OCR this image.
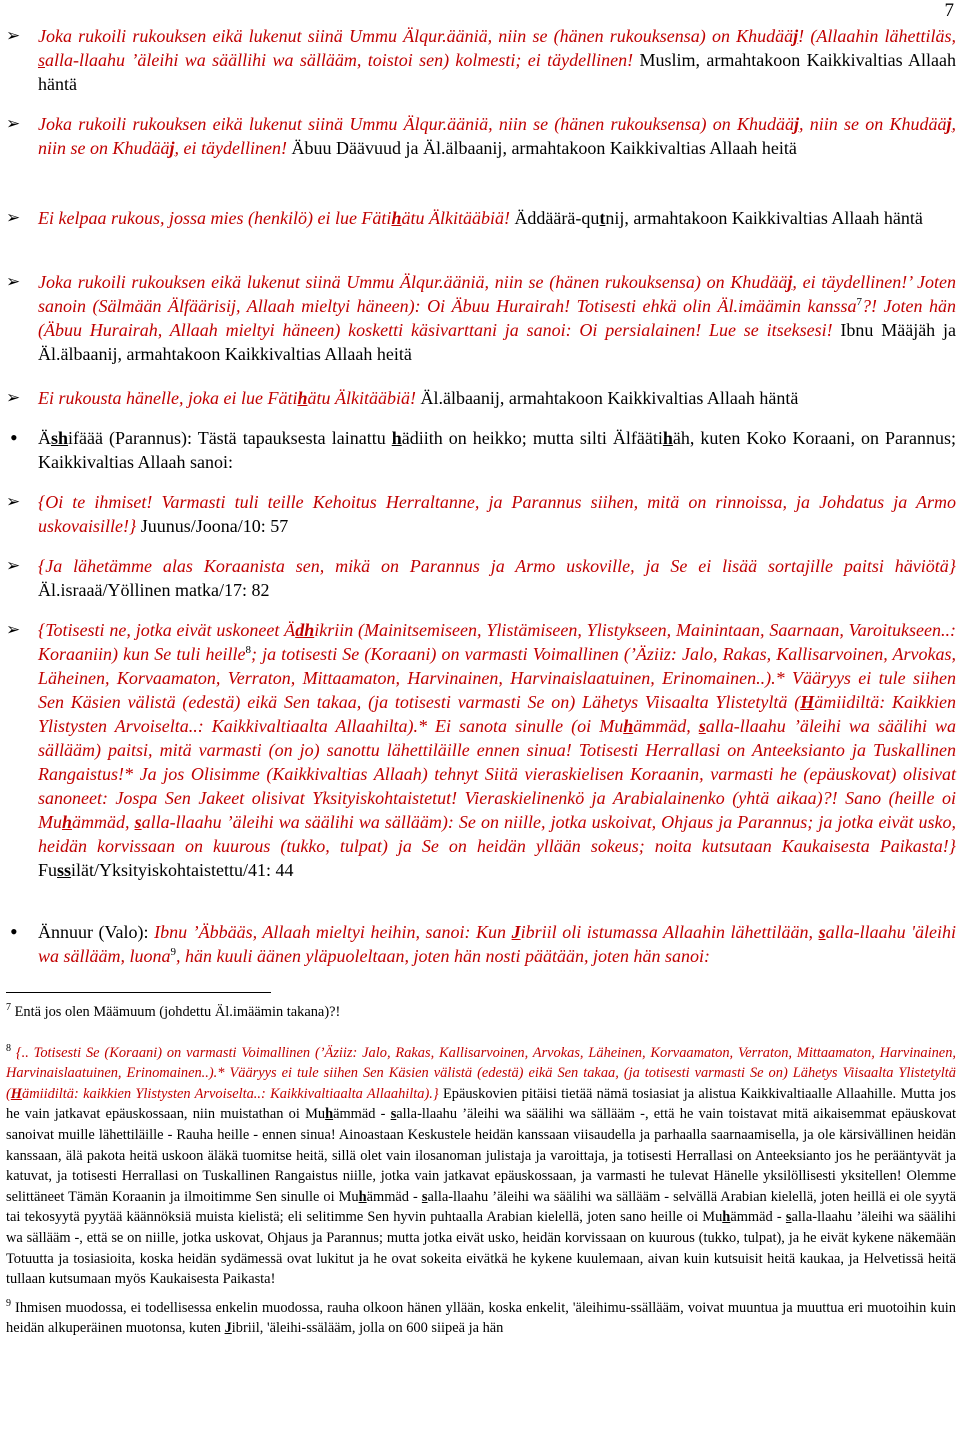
7
➢ Joka rukoili rukouksen eikä lukenut siinä Ummu Älqur.ääniä, niin se (hänen rukouksensa) on Khudääj! (Allaahin lähettiläs, salla-llaahu ’äleihi wa säällihi wa sällääm, toistoi sen) kolmesti; ei täydellinen! Muslim, armahtakoon Kaikkivaltias Allaah häntä
➢ Joka rukoili rukouksen eikä lukenut siinä Ummu Älqur.ääniä, niin se (hänen rukouksensa) on Khudääj, niin se on Khudääj, niin se on Khudääj, ei täydellinen! Äbuu Däävuud ja Äl.älbaanij, armahtakoon Kaikkivaltias Allaah heitä
➢ Ei kelpaa rukous, jossa mies (henkilö) ei lue Fätihätu Älkitääbiä! Äddäärä-qutnij, armahtakoon Kaikkivaltias Allaah häntä
➢ Joka rukoili rukouksen eikä lukenut siinä Ummu Älqur.ääniä, niin se (hänen rukouksensa) on Khudääj, ei täydellinen!’ Joten sanoin (Sälmään Älfäärisij, Allaah mieltyi häneen): Oi Äbuu Hurairah! Totisesti ehkä olin Äl.imäämin kanssa$^7$?! Joten hän (Äbuu Hurairah, Allaah mieltyi häneen) kosketti käsivarttani ja sanoi: Oi persialainen! Lue se itseksesi! Ibnu Määjäh ja Äl.älbaanij, armahtakoon Kaikkivaltias Allaah heitä
➢ Ei rukousta hänelle, joka ei lue Fätihätu Älkitääbiä! Äl.älbaanij, armahtakoon Kaikkivaltias Allaah häntä
•	Äshifäää (Parannus): Tästä tapauksesta lainattu hädiith on heikko; mutta silti Älfäätihäh, kuten Koko Koraani, on Parannus; Kaikkivaltias Allaah sanoi:
➢ {Oi te ihmiset! Varmasti tuli teille Kehoitus Herraltanne, ja Parannus siihen, mitä on rinnoissa, ja Johdatus ja Armo uskovaisille!} Juunus/Joona/10: 57
➢ {Ja lähetämme alas Koraanista sen, mikä on Parannus ja Armo uskoville, ja Se ei lisää sortajille paitsi häviötä} Äl.israaä/Yöllinen matka/17: 82
➢ {Totisesti ne, jotka eivät uskoneet Ädhikriin (Mainitsemiseen, Ylistämiseen, Ylistykseen, Mainintaan, Saarnaan, Varoitukseen..: Koraaniin) kun Se tuli heille$^8$; ja totisesti Se (Koraani) on varmasti Voimallinen (’Äziiz: Jalo, Rakas, Kallisarvoinen, Arvokas, Läheinen, Korvaamaton, Verraton, Mittaamaton, Harvinainen, Harvinaislaatuinen, Erinomainen..).* Vääryys ei tule siihen Sen Käsien välistä (edestä) eikä Sen takaa, (ja totisesti varmasti Se on) Lähetys Viisaalta Ylistetyltä (Hämiidiltä: Kaikkien Ylistysten Arvoiselta..: Kaikkivaltiaalta Allaahilta).* Ei sanota sinulle (oi Muhämmäd, salla-llaahu ’äleihi wa säälihi wa sällääm) paitsi, mitä varmasti (on jo) sanottu lähettiläille ennen sinua! Totisesti Herrallasi on Anteeksianto ja Tuskallinen Rangaistus!* Ja jos Olisimme (Kaikkivaltias Allaah) tehnyt Siitä vieraskielisen Koraanin, varmasti he (epäuskovat) olisivat sanoneet: Jospa Sen Jakeet olisivat Yksityiskohtaistetut! Vieraskielinenkö ja Arabialainenko (yhtä aikaa)?! Sano (heille oi Muhämmäd, salla-llaahu ’äleihi wa säälihi wa sällääm): Se on niille, jotka uskoivat, Ohjaus ja Parannus; ja jotka eivät usko, heidän korvissaan on kuurous (tukko, tulpat) ja Se on heidän yllään sokeus; noita kutsutaan Kaukaisesta Paikasta!} Fussilät/Yksityiskohtaistettu/41: 44
•	Ännuur (Valo): Ibnu ’Äbbääs, Allaah mieltyi heihin, sanoi: Kun Jibriil oli istumassa Allaahin lähettilään, salla-llaahu 'äleihi wa sällääm, luona$^9$, hän kuuli äänen yläpuoleltaan, joten hän nosti päätään, joten hän sanoi:

$^7$ Entä jos olen Määmuum (johdettu Äl.imäämin takana)?!

$^8$ {.. Totisesti Se (Koraani) on varmasti Voimallinen (’Äziiz: Jalo, Rakas, Kallisarvoinen, Arvokas, Läheinen, Korvaamaton, Verraton, Mittaamaton, Harvinainen, Harvinaislaatuinen, Erinomainen..).* Vääryys ei tule siihen Sen Käsien välistä (edestä) eikä Sen takaa, (ja totisesti varmasti Se on) Lähetys Viisaalta Ylistetyltä (Hämiidiltä: kaikkien Ylistysten Arvoiselta..: Kaikkivaltiaalta Allaahilta).} Epäuskovien pitäisi tietää nämä tosiasiat ja alistua Kaikkivaltiaalle Allaahille. Mutta jos he vain jatkavat epäuskossaan, niin muistathan oi Muhämmäd - salla-llaahu ’äleihi wa säälihi wa sällääm -, että he vain toistavat mitä aikaisemmat epäuskovat sanoivat muille lähettiläille - Rauha heille - ennen sinua! Ainoastaan Keskustele heidän kanssaan viisaudella ja parhaalla saarnaamisella, ja ole kärsivällinen heidän kanssaan, älä pakota heitä uskoon äläkä tuomitse heitä, sillä olet vain ilosanoman julistaja ja varoittaja, ja totisesti Herrallasi on Anteeksianto jos he perääntyvät ja katuvat, ja totisesti Herrallasi on Tuskallinen Rangaistus niille, jotka vain jatkavat epäuskossaan, ja varmasti he tulevat Hänelle yksilöllisesti yksitellen! Olemme selittäneet Tämän Koraanin ja ilmoitimme Sen sinulle oi Muhämmäd - salla-llaahu ’äleihi wa säälihi wa sällääm - selvällä Arabian kielellä, joten heillä ei ole syytä tai tekosyytä pyytää käännöksiä muista kielistä; eli selitimme Sen hyvin puhtaalla Arabian kielellä, joten sano heille oi Muhämmäd - salla-llaahu ’äleihi wa säälihi wa sällääm -, että se on niille, jotka uskovat, Ohjaus ja Parannus; mutta jotka eivät usko, heidän korvissaan on kuurous (tukko, tulpat), ja he eivät kykene näkemään Totuutta ja tosiasioita, koska heidän sydämessä ovat lukitut ja he ovat sokeita eivätkä he kykene kuulemaan, aivan kuin kutsuisit heitä kaukaa, ja Helvetissä heitä tullaan kutsumaan myös Kaukaisesta Paikasta!

$^9$ Ihmisen muodossa, ei todellisessa enkelin muodossa, rauha olkoon hänen yllään, koska enkelit, 'äleihimu-ssällääm, voivat muuntua ja muuttua eri muotoihin kuin heidän alkuperäinen muotonsa, kuten Jibriil, 'äleihi-ssälääm, jolla on 600 siipeä ja hän
